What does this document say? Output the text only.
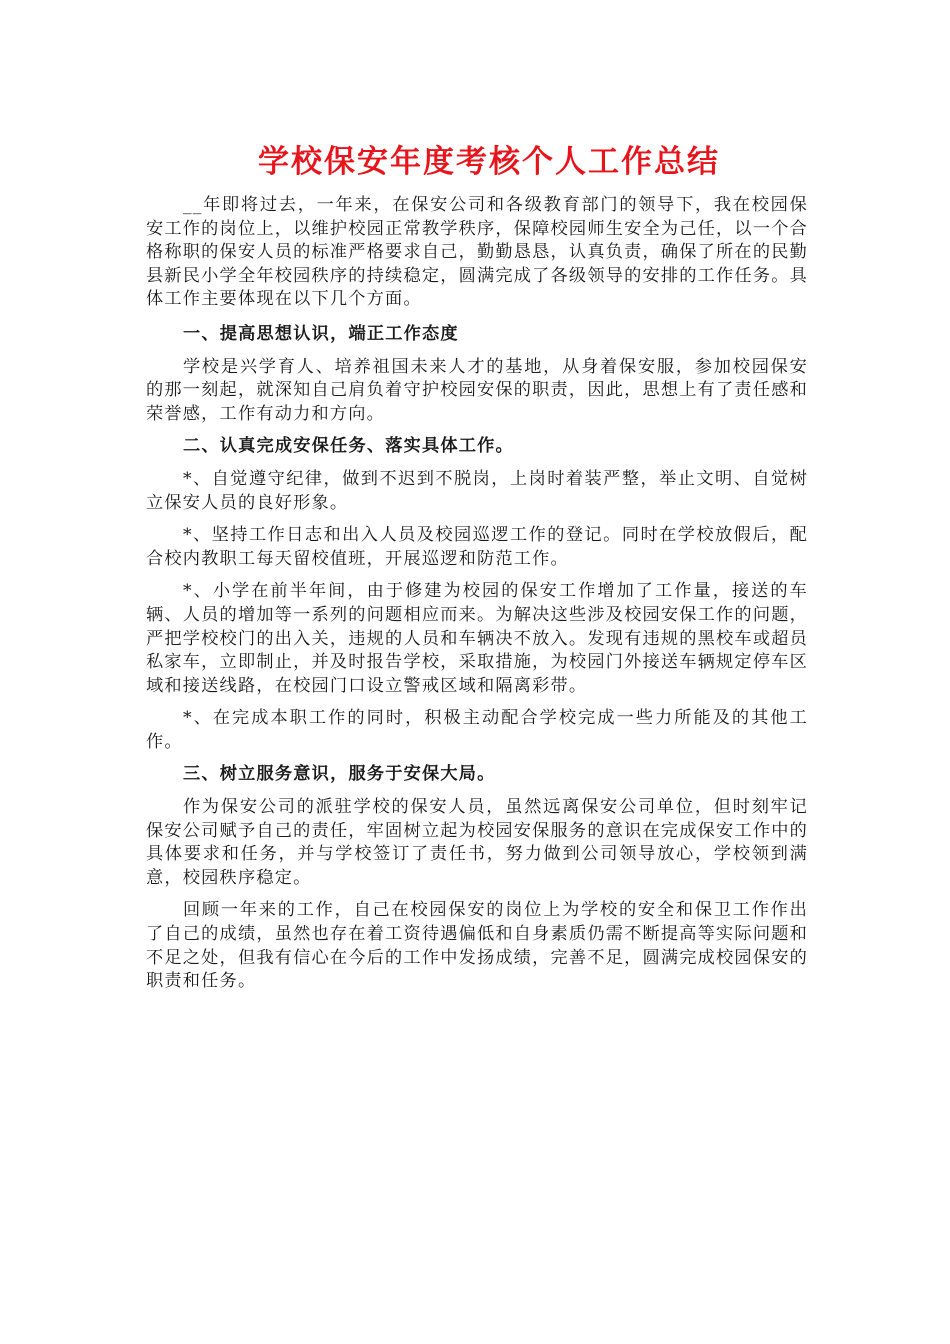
学校保安年度考核个人工作总结

__年即将过去，一年来，在保安公司和各级教育部门的领导下，我在校园保安工作的岗位上，以维护校园正常教学秩序，保障校园师生安全为己任，以一个合格称职的保安人员的标准严格要求自己，勤勤恳恳，认真负责，确保了所在的民勤县新民小学全年校园秩序的持续稳定，圆满完成了各级领导的安排的工作任务。具体工作主要体现在以下几个方面。

一、提高思想认识，端正工作态度

学校是兴学育人、培养祖国未来人才的基地，从身着保安服，参加校园保安的那一刻起，就深知自己肩负着守护校园安保的职责，因此，思想上有了责任感和荣誉感，工作有动力和方向。

二、认真完成安保任务、落实具体工作。

*、自觉遵守纪律，做到不迟到不脱岗，上岗时着装严整，举止文明、自觉树立保安人员的良好形象。

*、坚持工作日志和出入人员及校园巡逻工作的登记。同时在学校放假后，配合校内教职工每天留校值班，开展巡逻和防范工作。

*、小学在前半年间，由于修建为校园的保安工作增加了工作量，接送的车辆、人员的增加等一系列的问题相应而来。为解决这些涉及校园安保工作的问题，严把学校校门的出入关，违规的人员和车辆决不放入。发现有违规的黑校车或超员私家车，立即制止，并及时报告学校，采取措施，为校园门外接送车辆规定停车区域和接送线路，在校园门口设立警戒区域和隔离彩带。

*、在完成本职工作的同时，积极主动配合学校完成一些力所能及的其他工作。

三、树立服务意识，服务于安保大局。

作为保安公司的派驻学校的保安人员，虽然远离保安公司单位，但时刻牢记保安公司赋予自己的责任，牢固树立起为校园安保服务的意识在完成保安工作中的具体要求和任务，并与学校签订了责任书，努力做到公司领导放心，学校领到满意，校园秩序稳定。

回顾一年来的工作，自己在校园保安的岗位上为学校的安全和保卫工作作出了自己的成绩，虽然也存在着工资待遇偏低和自身素质仍需不断提高等实际问题和不足之处，但我有信心在今后的工作中发扬成绩，完善不足，圆满完成校园保安的职责和任务。
